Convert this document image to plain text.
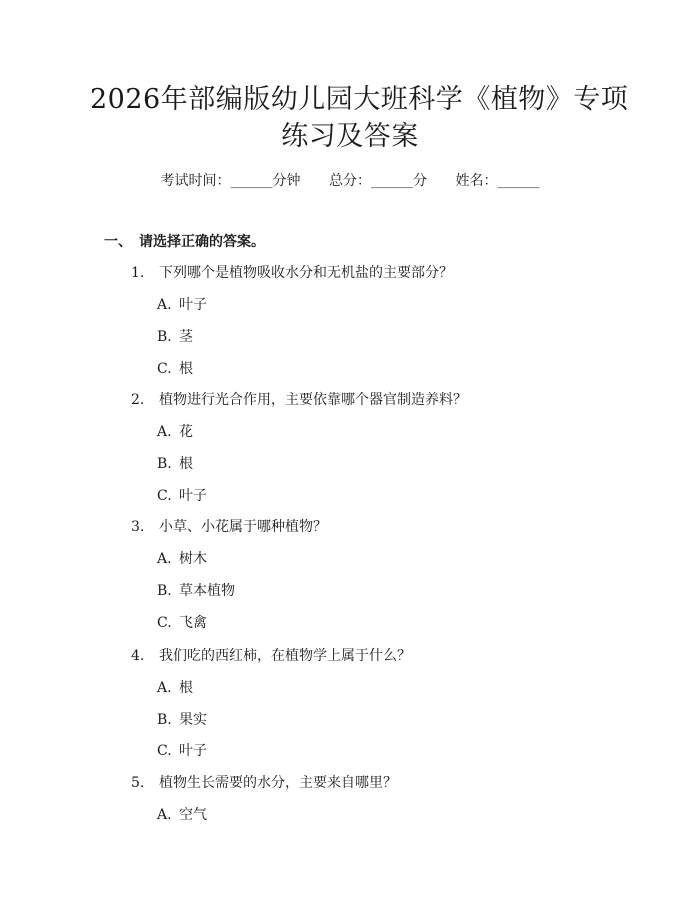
2026年部编版幼儿园大班科学《植物》专项
练习及答案
考试时间：______分钟 总分：______分 姓名：______
一、 请选择正确的答案。
1. 下列哪个是植物吸收水分和无机盐的主要部分？
A. 叶子
B. 茎
C. 根
2. 植物进行光合作用，主要依靠哪个器官制造养料？
A. 花
B. 根
C. 叶子
3. 小草、小花属于哪种植物？
A. 树木
B. 草本植物
C. 飞禽
4. 我们吃的西红柿，在植物学上属于什么？
A. 根
B. 果实
C. 叶子
5. 植物生长需要的水分，主要来自哪里？
A. 空气
